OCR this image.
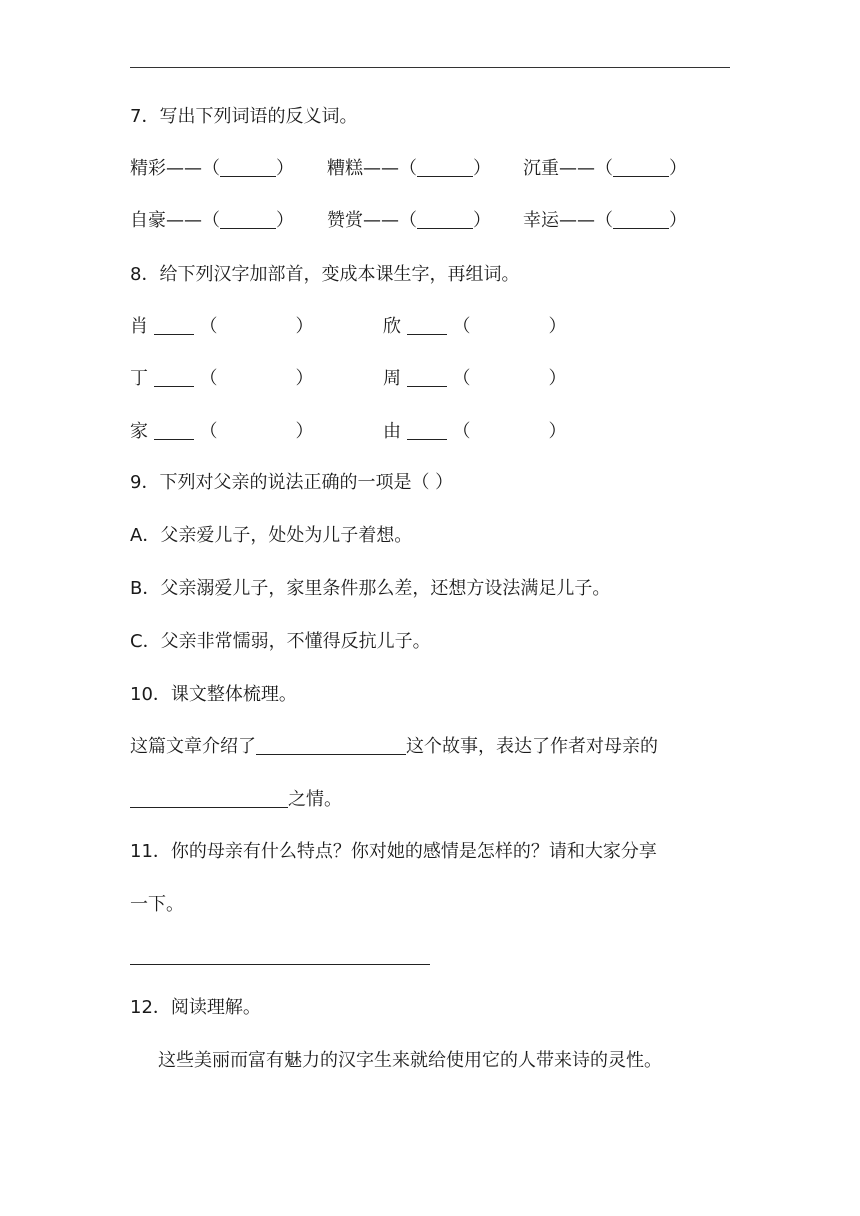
7．写出下列词语的反义词。
精彩——（	） 糟糕——（	） 沉重——（	）
自豪——（	） 赞赏——（	） 幸运——（	）
8．给下列汉字加部首，变成本课生字，再组词。
肖	（	）	欣	（	）
丁	（	）	周	（	）
家	（	）	由	（	）
9．下列对父亲的说法正确的一项是（ ）
A．父亲爱儿子，处处为儿子着想。
B．父亲溺爱儿子，家里条件那么差，还想方设法满足儿子。
C．父亲非常懦弱，不懂得反抗儿子。
10．课文整体梳理。
这篇文章介绍了	这个故事，表达了作者对母亲的
之情。
11．你的母亲有什么特点？你对她的感情是怎样的？请和大家分享
一下。
12．阅读理解。
这些美丽而富有魅力的汉字生来就给使用它的人带来诗的灵性。
